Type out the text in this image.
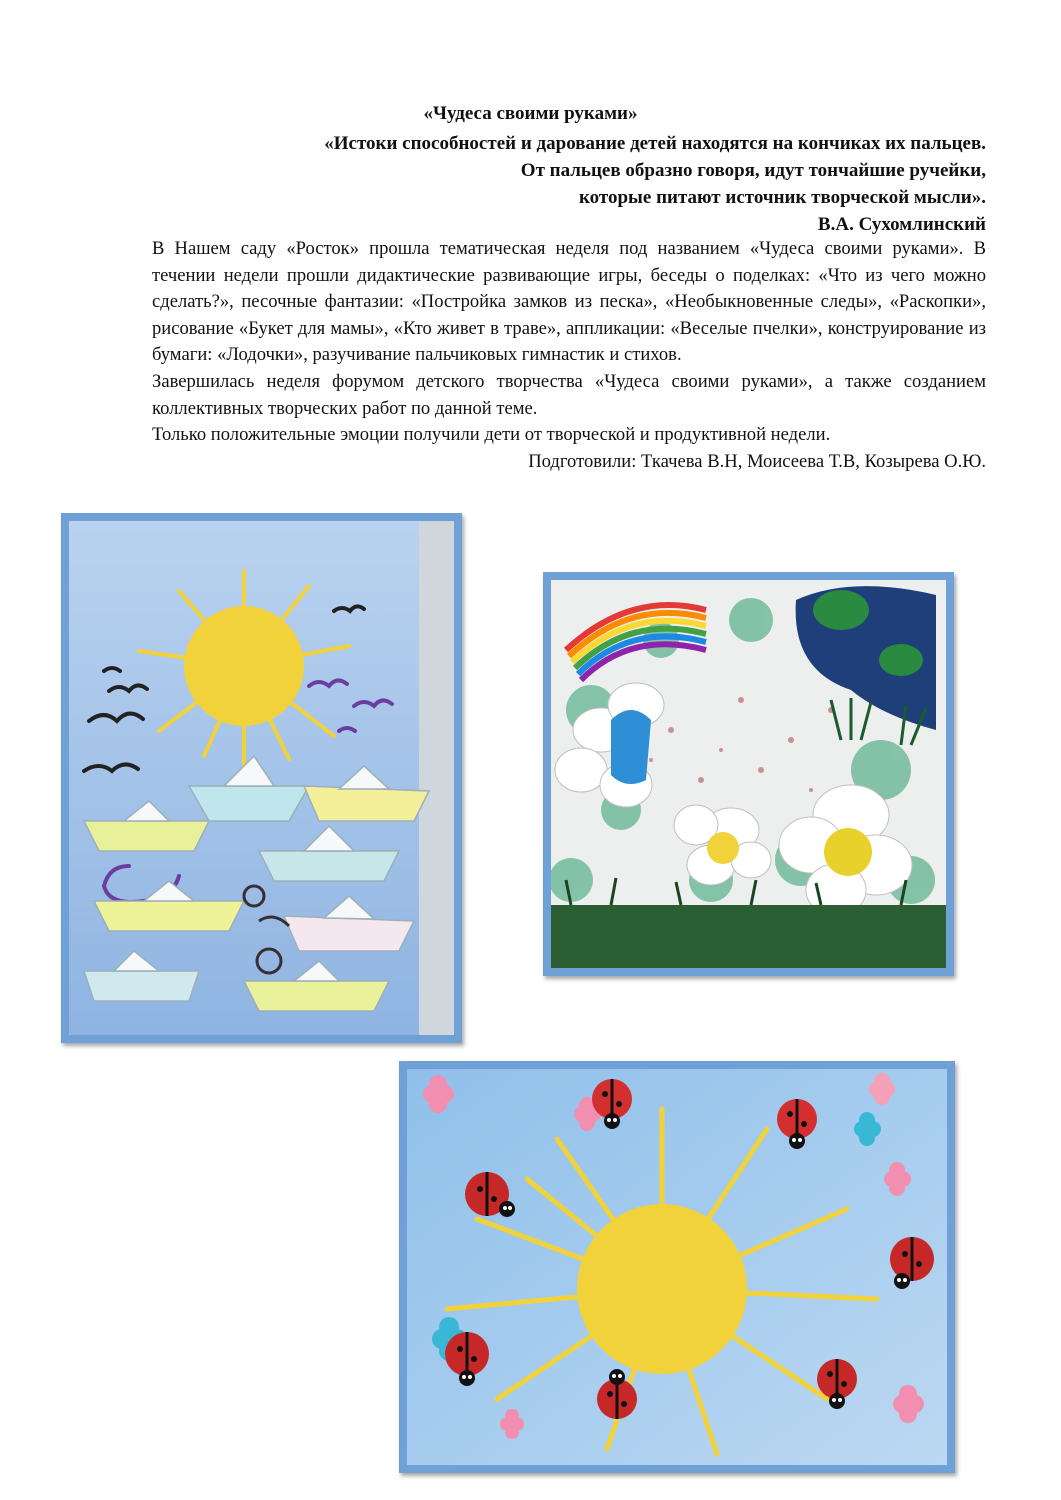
«Чудеса своими руками»
«Истоки способностей и дарование детей находятся на кончиках их пальцев.
От пальцев образно говоря, идут тончайшие ручейки,
которые питают источник творческой мысли».
В.А. Сухомлинский

В Нашем саду «Росток» прошла тематическая неделя под названием «Чудеса своими руками». В течении недели прошли дидактические развивающие игры, беседы о поделках: «Что из чего можно сделать?», песочные фантазии: «Постройка замков из песка», «Необыкновенные следы», «Раскопки», рисование «Букет для мамы», «Кто живет в траве», аппликации: «Веселые пчелки», конструирование из бумаги: «Лодочки», разучивание пальчиковых гимнастик и стихов.

Завершилась неделя форумом детского творчества «Чудеса своими руками», а также созданием коллективных творческих работ по данной теме.

Только положительные эмоции получили дети от творческой и продуктивной недели.

Подготовили: Ткачева В.Н, Моисеева Т.В, Козырева О.Ю.
